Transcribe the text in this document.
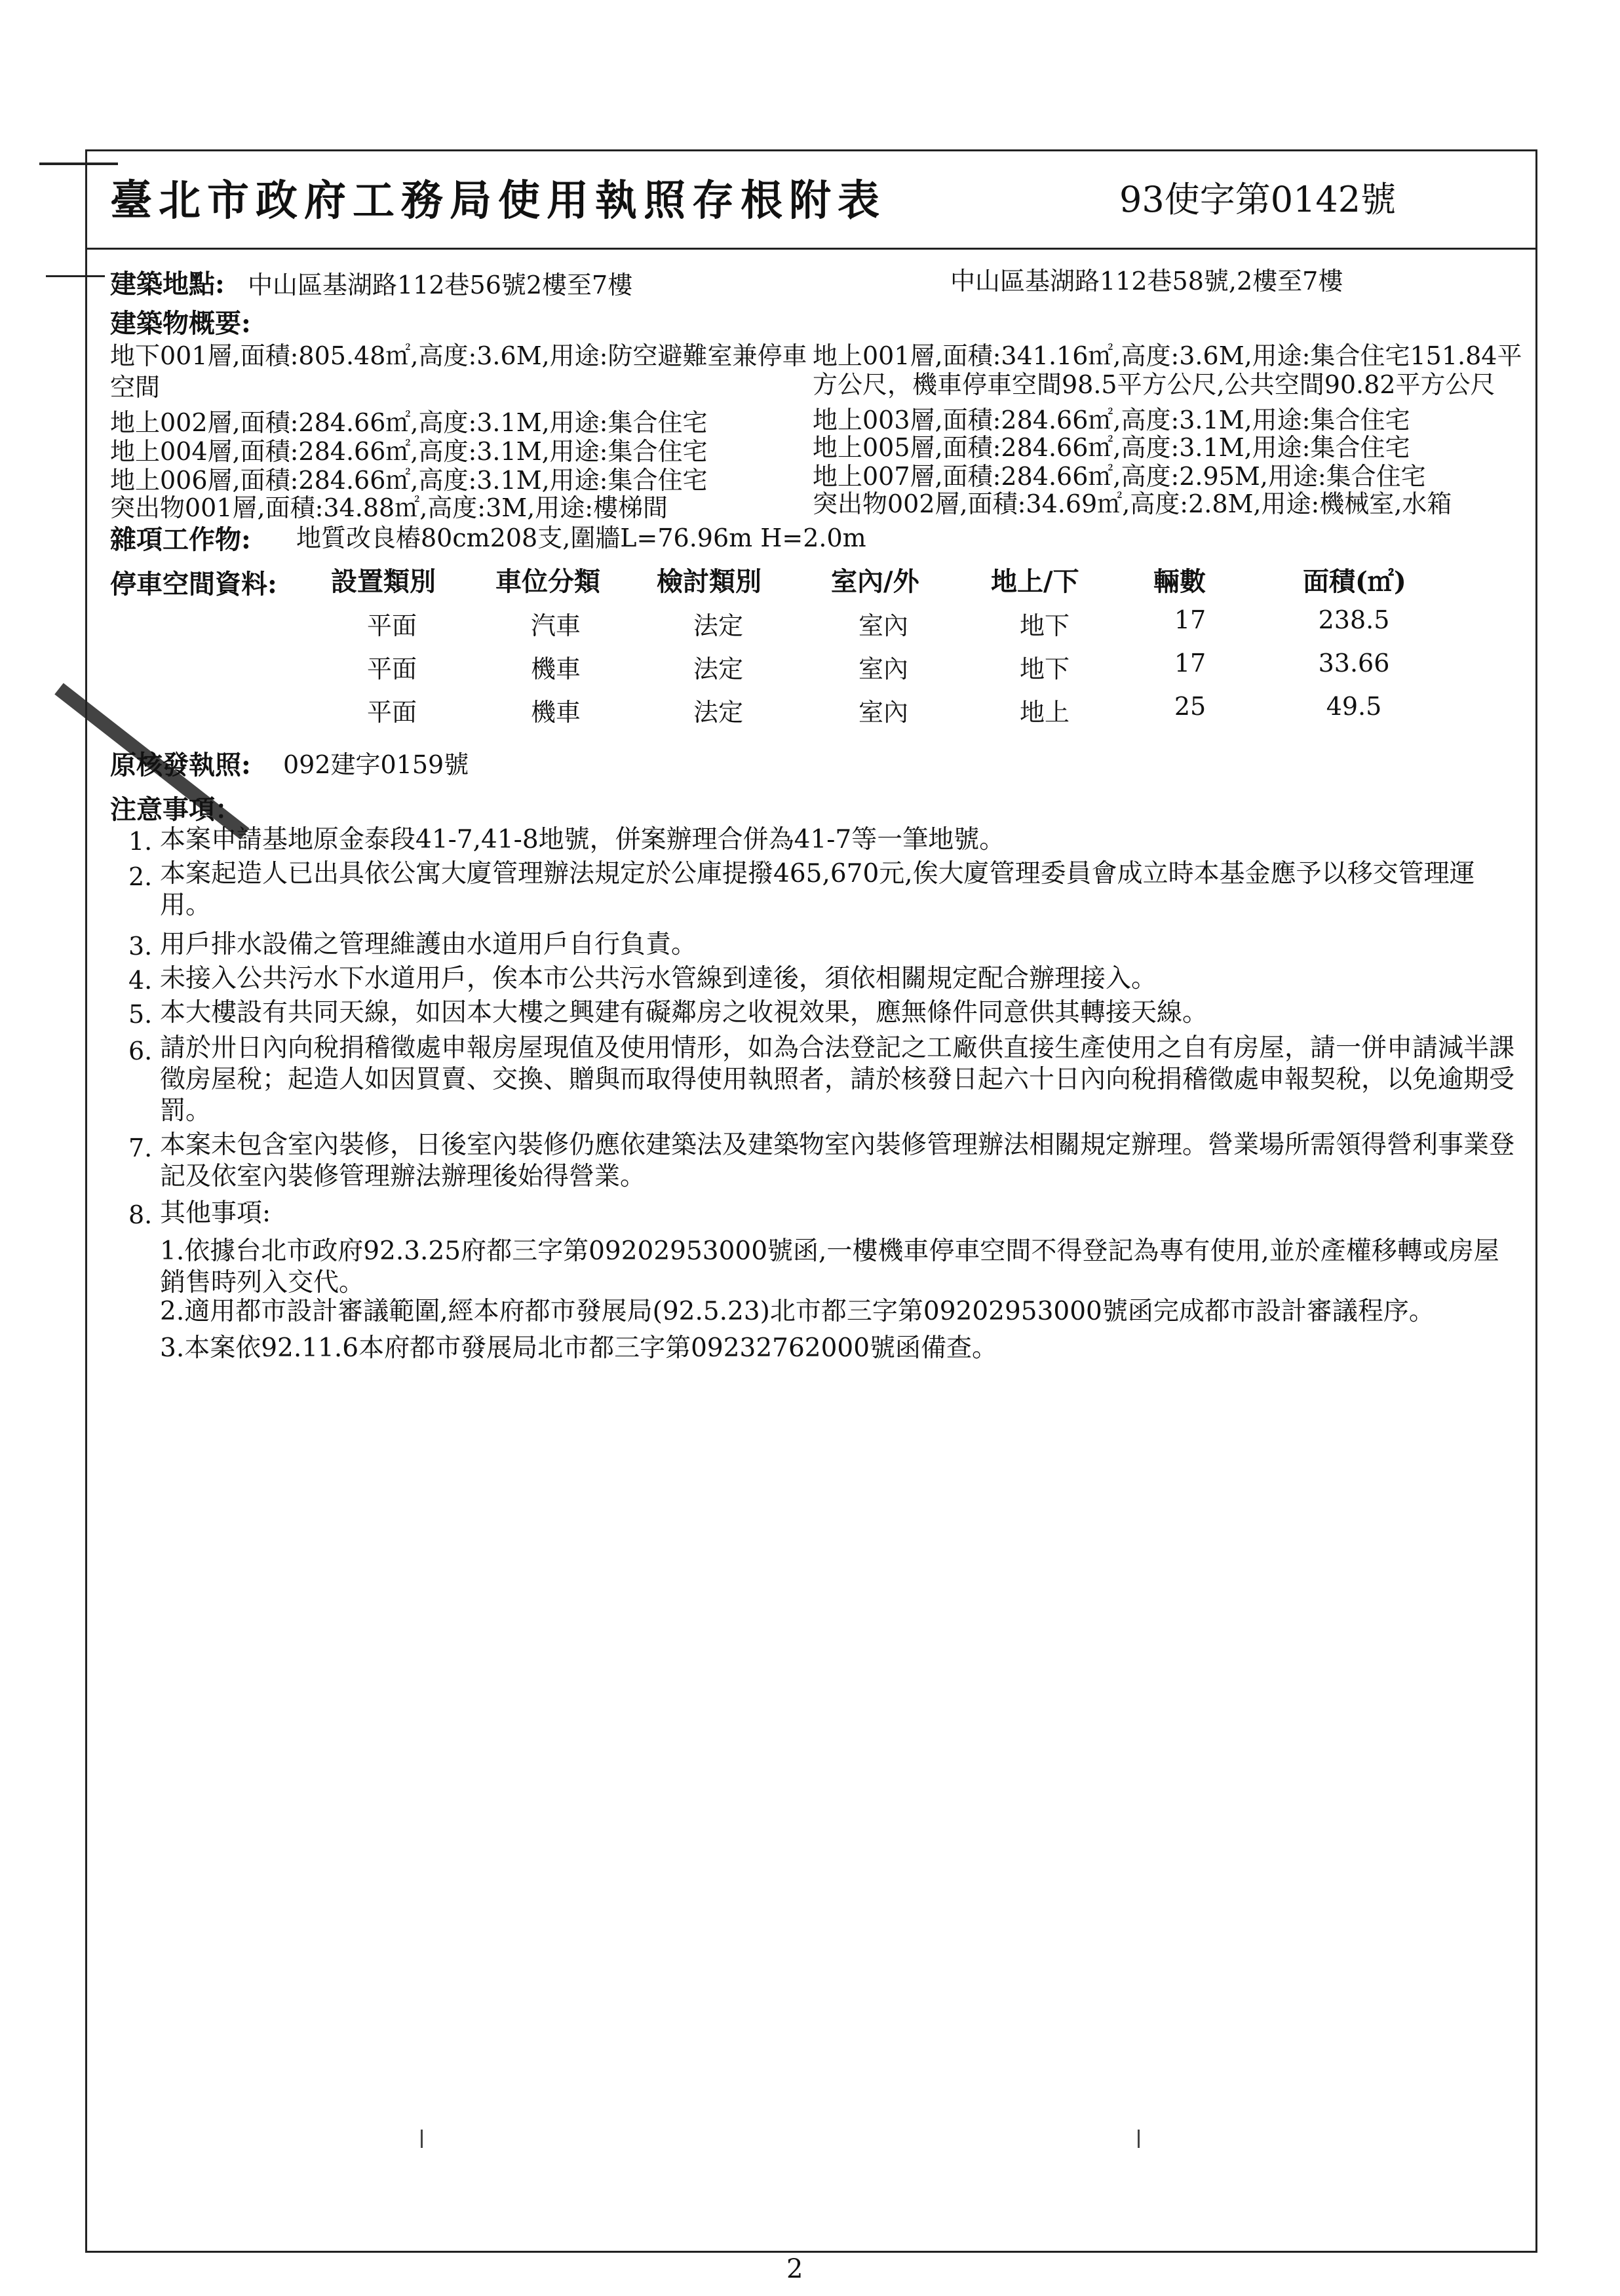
臺北市政府工務局使用執照存根附表	93使字第0142號
建築地點: 中山區基湖路112巷56號2樓至7樓	中山區基湖路112巷58號,2樓至7樓
建築物概要:
地下001層,面積:805.48㎡,高度:3.6M,用途:防空避難室兼停車
空間
地上002層,面積:284.66㎡,高度:3.1M,用途:集合住宅
地上004層,面積:284.66㎡,高度:3.1M,用途:集合住宅
地上006層,面積:284.66㎡,高度:3.1M,用途:集合住宅
突出物001層,面積:34.88㎡,高度:3M,用途:樓梯間
地上001層,面積:341.16㎡,高度:3.6M,用途:集合住宅151.84平
方公尺，機車停車空間98.5平方公尺,公共空間90.82平方公尺
地上003層,面積:284.66㎡,高度:3.1M,用途:集合住宅
地上005層,面積:284.66㎡,高度:3.1M,用途:集合住宅
地上007層,面積:284.66㎡,高度:2.95M,用途:集合住宅
突出物002層,面積:34.69㎡,高度:2.8M,用途:機械室,水箱
雜項工作物: 地質改良樁80cm208支,圍牆L=76.96m H=2.0m
停車空間資料: 設置類別 車位分類 檢討類別	室內/外	地上/下	輛數	面積(㎡)
平面	汽車	法定	室內	地下	17	238.5
平面	機車	法定	室內	地下	17	33.66
平面	機車	法定	室內	地上	25	49.5
原核發執照: 092建字0159號
注意事項：
1. 本案申請基地原金泰段41-7,41-8地號，併案辦理合併為41-7等一筆地號。
2. 本案起造人已出具依公寓大廈管理辦法規定於公庫提撥465,670元,俟大廈管理委員會成立時本基金應予以移交管理運用。
3. 用戶排水設備之管理維護由水道用戶自行負責。
4. 未接入公共污水下水道用戶，俟本市公共污水管線到達後，須依相關規定配合辦理接入。
5. 本大樓設有共同天線，如因本大樓之興建有礙鄰房之收視效果，應無條件同意供其轉接天線。
6. 請於卅日內向稅捐稽徵處申報房屋現值及使用情形，如為合法登記之工廠供直接生產使用之自有房屋，請一併申請減半課徵房屋稅；起造人如因買賣、交換、贈與而取得使用執照者，請於核發日起六十日內向稅捐稽徵處申報契稅，以免逾期受罰。
7. 本案未包含室內裝修，日後室內裝修仍應依建築法及建築物室內裝修管理辦法相關規定辦理。營業場所需領得營利事業登記及依室內裝修管理辦法辦理後始得營業。
8. 其他事項:
1.依據台北市政府92.3.25府都三字第09202953000號函,一樓機車停車空間不得登記為專有使用,並於產權移轉或房屋銷售時列入交代。
2.適用都市設計審議範圍,經本府都市發展局(92.5.23)北市都三字第09202953000號函完成都市設計審議程序。
3.本案依92.11.6本府都市發展局北市都三字第09232762000號函備查。
2
